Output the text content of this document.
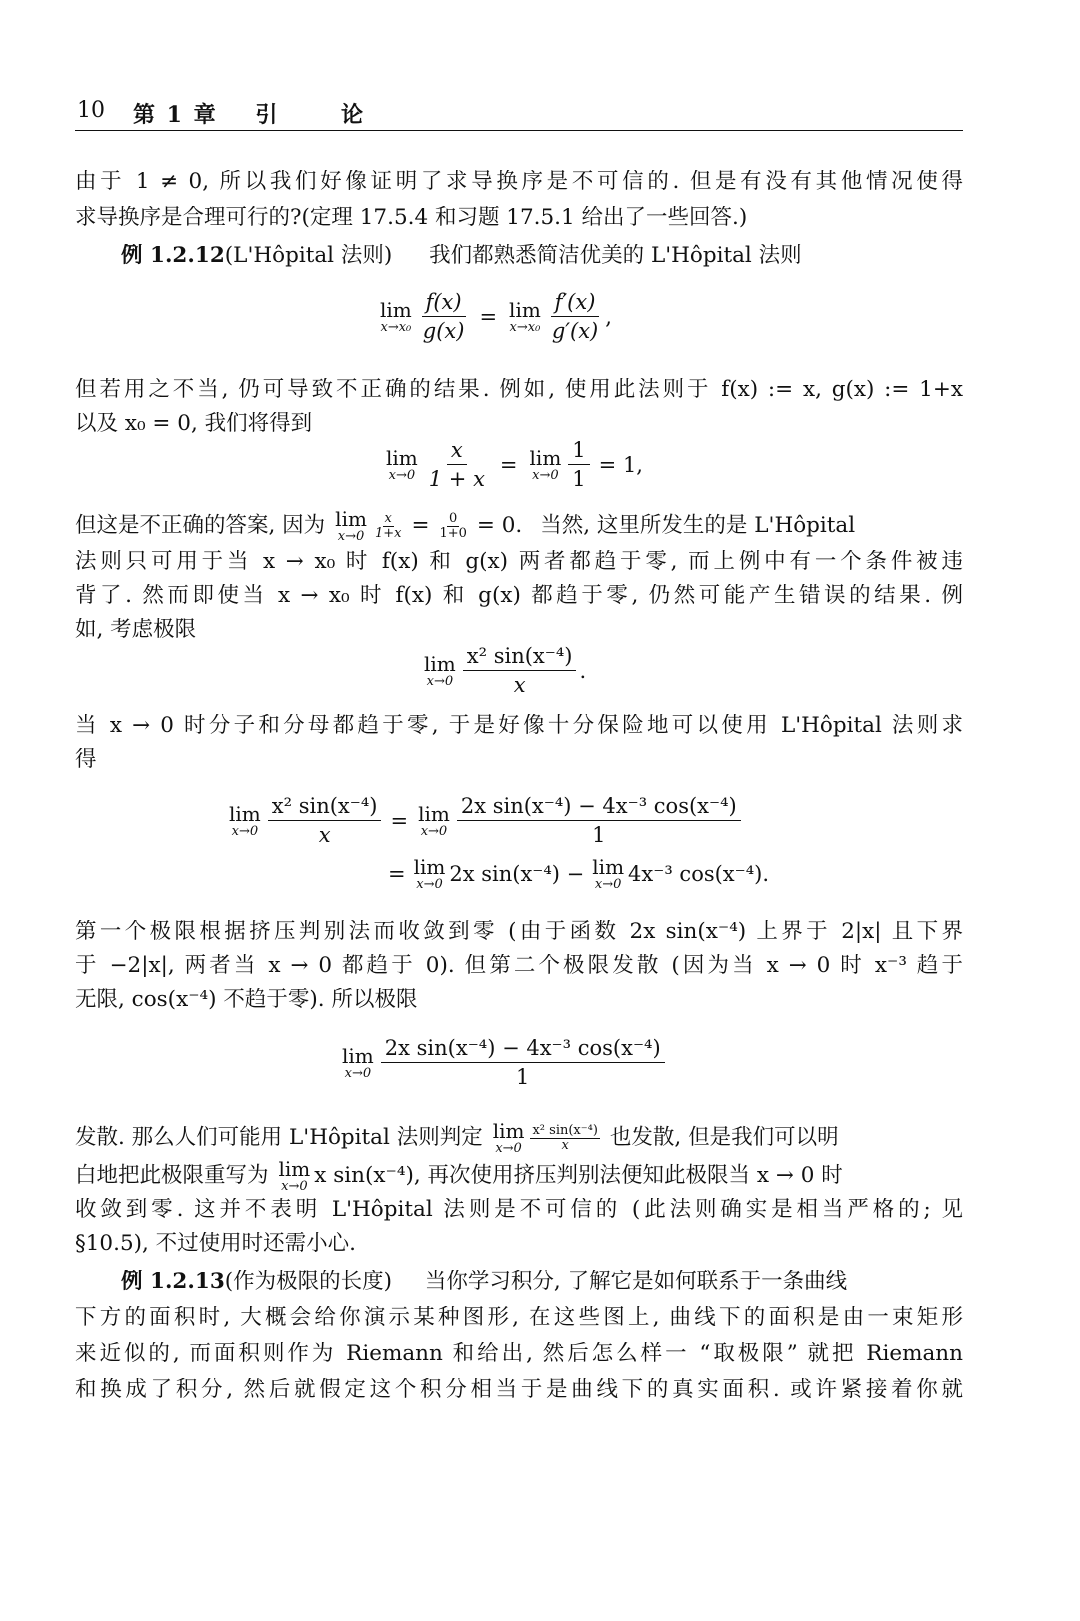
10 第 1 章 引	论
由于 1 ≠ 0, 所以我们好像证明了求导换序是不可信的. 但是有没有其他情况使得
求导换序是合理可行的?(定理 17.5.4 和习题 17.5.1 给出了一些回答.)
例 1.2.12(L'Hôpital 法则) 我们都熟悉简洁优美的 L'Hôpital 法则
lim
$x\to x_0 \frac{f(x)}{g(x)} = \lim$
$x\to x_0 \frac{f'(x)}{g'(x)}$ ,
但若用之不当, 仍可导致不正确的结果. 例如, 使用此法则于 f(x) := x, g(x) := 1+x
以及 x₀ = 0, 我们将得到
lim
$x\to 0 \frac{x}{1 + x} = \lim$
$x\to 0 \frac{1}{1} = 1$,
但这是不正确的答案, 因为 lim
$x\to 0 \frac{x}{1+x} = \frac{0}{1+0} = 0$. 当然, 这里所发生的是 L'Hôpital
法则只可用于当 x → x₀ 时 f(x) 和 g(x) 两者都趋于零, 而上例中有一个条件被违
背了. 然而即使当 x → x₀ 时 f(x) 和 g(x) 都趋于零, 仍然可能产生错误的结果. 例
如, 考虑极限
lim
$x\to 0 \frac{\text{x² sin(x⁻⁴)}}{x}$ .
当 x → 0 时分子和分母都趋于零, 于是好像十分保险地可以使用 L'Hôpital 法则求
得
lim
$x\to 0 \frac{\text{x² sin(x⁻⁴)}}{x} = \lim$
$x\to 0 \frac{\text{2x sin(x⁻⁴) − 4x⁻³ cos(x⁻⁴)}}{1}$
= lim
x→0 2x sin(x⁻⁴) − lim
x→0 4x⁻³ cos(x⁻⁴).
第一个极限根据挤压判别法而收敛到零 (由于函数 2x sin(x⁻⁴) 上界于 2|x| 且下界
于 −2|x|, 两者当 x → 0 都趋于 0). 但第二个极限发散 (因为当 x → 0 时 x⁻³ 趋于
无限, cos(x⁻⁴) 不趋于零). 所以极限
lim
$x\to 0 \frac{\text{2x sin(x⁻⁴) − 4x⁻³ cos(x⁻⁴)}}{1}$
发散. 那么人们可能用 L'Hôpital 法则判定 lim
$x\to 0 \frac{\text{x² sin(x⁻⁴)}}{x}$ 也发散, 但是我们可以明
白地把此极限重写为 lim
x→0 x sin(x⁻⁴) , 再次使用挤压判别法便知此极限当 x → 0 时
收敛到零. 这并不表明 L'Hôpital 法则是不可信的 (此法则确实是相当严格的; 见
§10.5), 不过使用时还需小心.
例 1.2.13(作为极限的长度) 当你学习积分, 了解它是如何联系于一条曲线
下方的面积时, 大概会给你演示某种图形, 在这些图上, 曲线下的面积是由一束矩形
来近似的, 而面积则作为 Riemann 和给出, 然后怎么样一 “取极限” 就把 Riemann
和换成了积分, 然后就假定这个积分相当于是曲线下的真实面积. 或许紧接着你就
